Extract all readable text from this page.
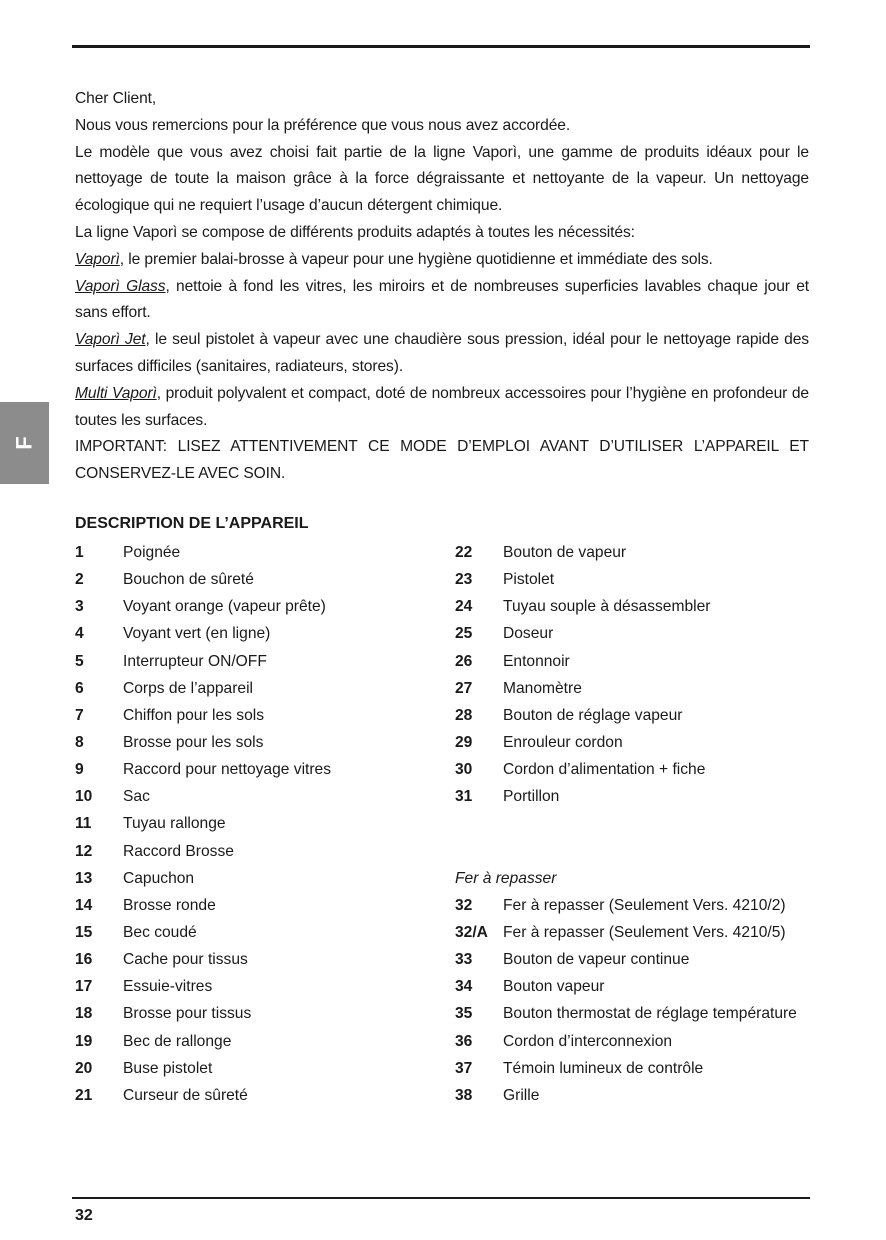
F

Cher Client,

Nous vous remercions pour la préférence que vous nous avez accordée.

Le modèle que vous avez choisi fait partie de la ligne Vaporì, une gamme de produits idéaux pour le nettoyage de toute la maison grâce à la force dégraissante et nettoyante de la vapeur. Un nettoyage écologique qui ne requiert l’usage d’aucun détergent chimique.

La ligne Vaporì se compose de différents produits adaptés à toutes les nécessités:

Vaporì, le premier balai-brosse à vapeur pour une hygiène quotidienne et immédiate des sols.

Vaporì Glass, nettoie à fond les vitres, les miroirs et de nombreuses superficies lavables chaque jour et sans effort.

Vaporì Jet, le seul pistolet à vapeur avec une chaudière sous pression, idéal pour le nettoyage rapide des surfaces difficiles (sanitaires, radiateurs, stores).

Multi Vaporì, produit polyvalent et compact, doté de nombreux accessoires pour l’hygiène en profondeur de toutes les surfaces.

IMPORTANT: LISEZ ATTENTIVEMENT CE MODE D’EMPLOI AVANT D’UTILISER L’APPAREIL ET CONSERVEZ-LE AVEC SOIN.

DESCRIPTION DE L’APPAREIL
1	Poignée
2	Bouchon de sûreté
3	Voyant orange (vapeur prête)
4	Voyant vert (en ligne)
5	Interrupteur ON/OFF
6	Corps de l’appareil
7	Chiffon pour les sols
8	Brosse pour les sols
9	Raccord pour nettoyage vitres
10	Sac
11	Tuyau rallonge
12	Raccord Brosse
13	Capuchon
14	Brosse ronde
15	Bec coudé
16	Cache pour tissus
17	Essuie-vitres
18	Brosse pour tissus
19	Bec de rallonge
20	Buse pistolet
21	Curseur de sûreté
22	Bouton de vapeur
23	Pistolet
24	Tuyau souple à désassembler
25	Doseur
26	Entonnoir
27	Manomètre
28	Bouton de réglage vapeur
29	Enrouleur cordon
30	Cordon d’alimentation + fiche
31	Portillon
Fer à repasser
32	Fer à repasser (Seulement Vers. 4210/2)
32/A Fer à repasser (Seulement Vers. 4210/5)
33	Bouton de vapeur continue
34	Bouton vapeur
35	Bouton thermostat de réglage température
36	Cordon d’interconnexion
37	Témoin lumineux de contrôle
38	Grille
32
